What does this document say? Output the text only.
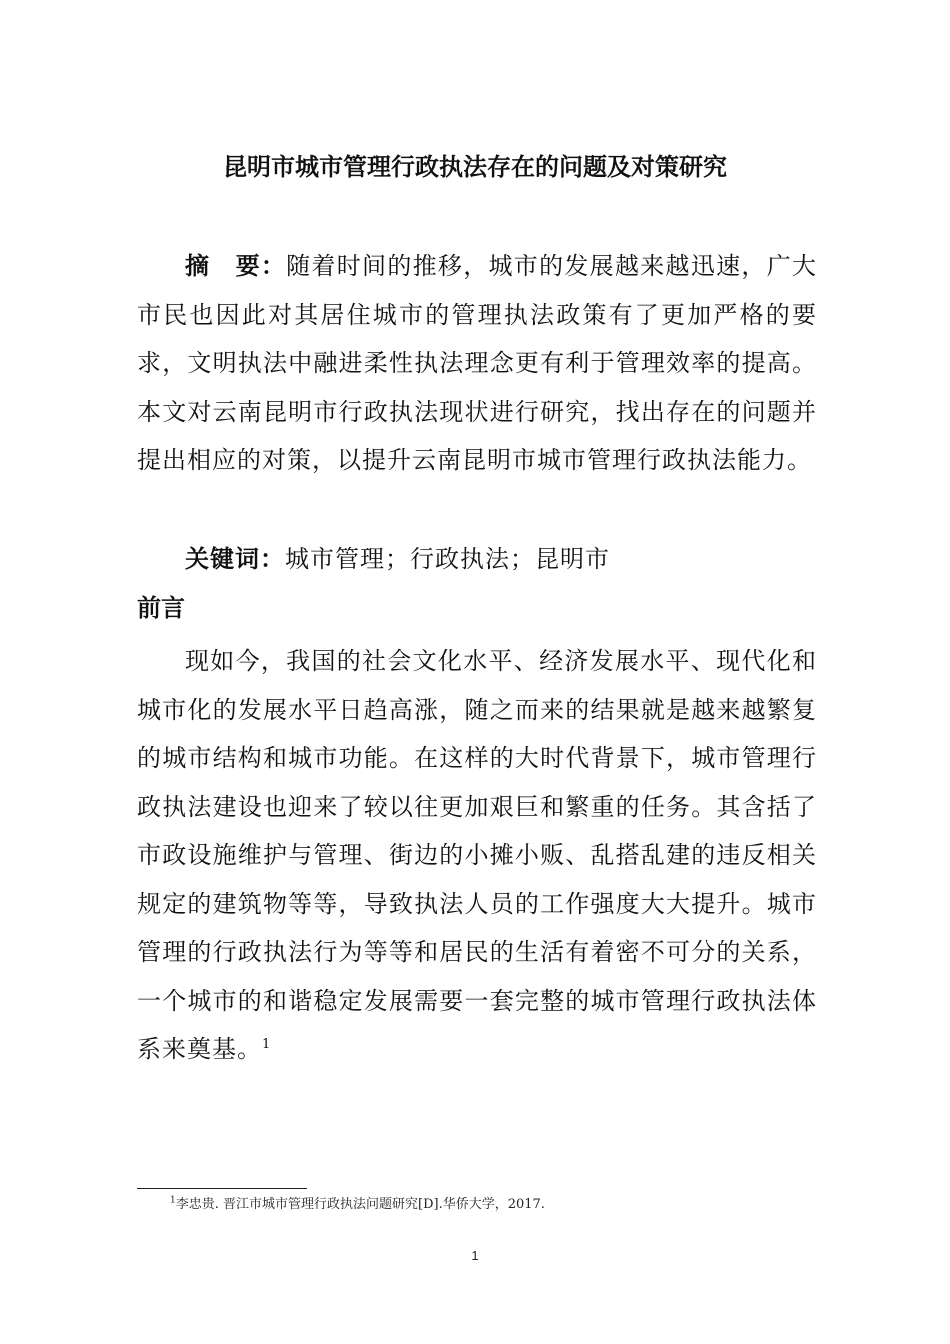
昆明市城市管理行政执法存在的问题及对策研究
摘　要：随着时间的推移，城市的发展越来越迅速，广大市民也因此对其居住城市的管理执法政策有了更加严格的要求，文明执法中融进柔性执法理念更有利于管理效率的提高。本文对云南昆明市行政执法现状进行研究，找出存在的问题并提出相应的对策，以提升云南昆明市城市管理行政执法能力。
关键词：城市管理；行政执法；昆明市
前言
现如今，我国的社会文化水平、经济发展水平、现代化和城市化的发展水平日趋高涨，随之而来的结果就是越来越繁复的城市结构和城市功能。在这样的大时代背景下，城市管理行政执法建设也迎来了较以往更加艰巨和繁重的任务。其含括了市政设施维护与管理、街边的小摊小贩、乱搭乱建的违反相关规定的建筑物等等，导致执法人员的工作强度大大提升。城市管理的行政执法行为等等和居民的生活有着密不可分的关系，一个城市的和谐稳定发展需要一套完整的城市管理行政执法体系来奠基。$^1$
$^1$李忠贵. 晋江市城市管理行政执法问题研究[D].华侨大学，2017.
1
